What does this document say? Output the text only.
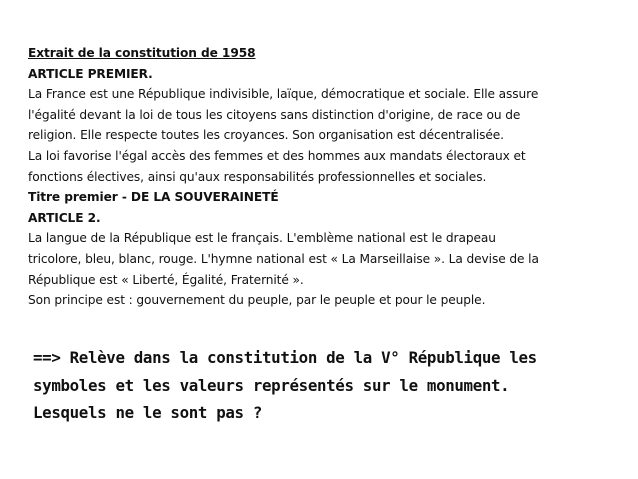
Extrait de la constitution de 1958
ARTICLE PREMIER.
La France est une République indivisible, laïque, démocratique et sociale. Elle assure
l'égalité devant la loi de tous les citoyens sans distinction d'origine, de race ou de
religion. Elle respecte toutes les croyances. Son organisation est décentralisée.
La loi favorise l'égal accès des femmes et des hommes aux mandats électoraux et
fonctions électives, ainsi qu'aux responsabilités professionnelles et sociales.
Titre premier - DE LA SOUVERAINETÉ
ARTICLE 2.
La langue de la République est le français. L'emblème national est le drapeau
tricolore, bleu, blanc, rouge. L'hymne national est « La Marseillaise ». La devise de la
République est « Liberté, Égalité, Fraternité ».
Son principe est : gouvernement du peuple, par le peuple et pour le peuple.
==> Relève dans la constitution de la V° République les
symboles et les valeurs représentés sur le monument.
Lesquels ne le sont pas ?
